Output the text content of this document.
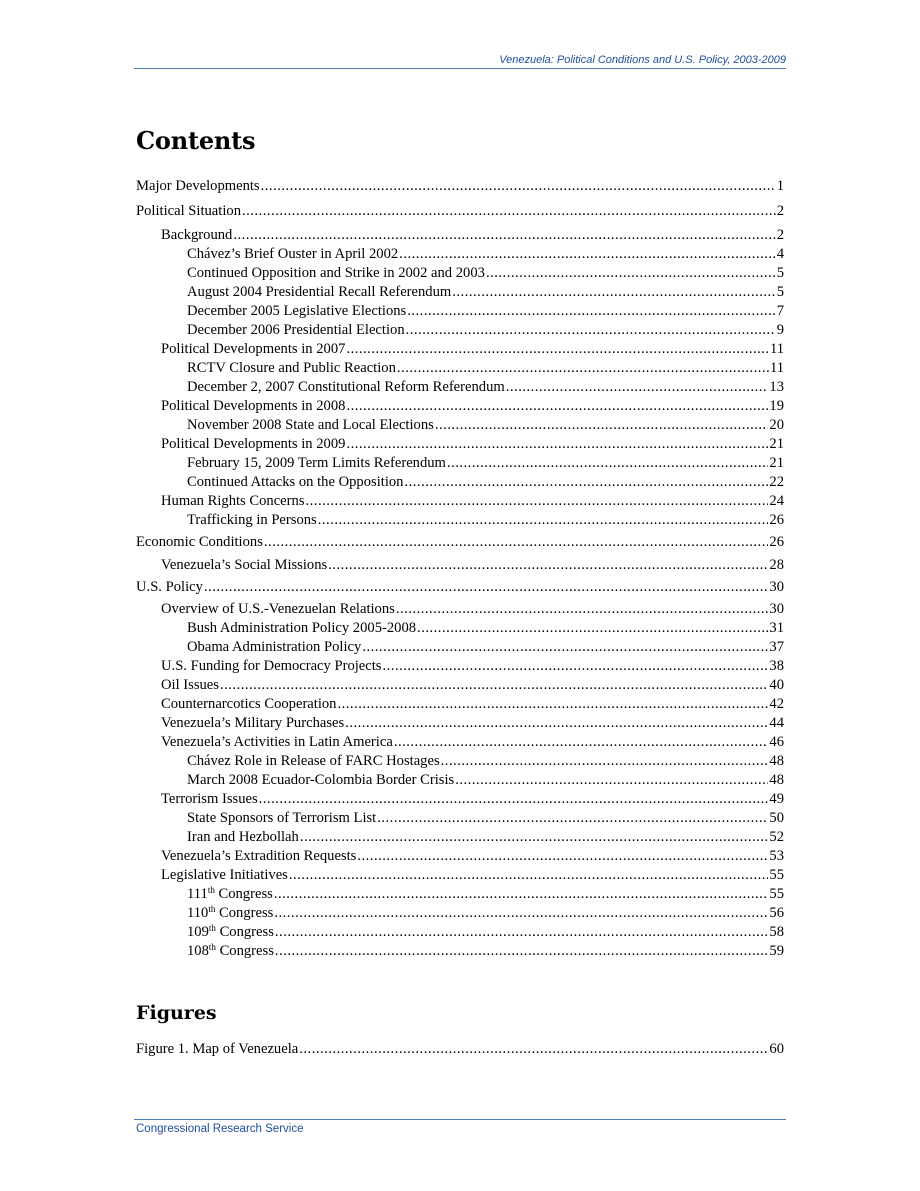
Venezuela: Political Conditions and U.S. Policy, 2003-2009
Contents
Major Developments .....	1
Political Situation .....	2
Background .....	2
Chávez’s Brief Ouster in April 2002 .....	4
Continued Opposition and Strike in 2002 and 2003 .....	5
August 2004 Presidential Recall Referendum .....	5
December 2005 Legislative Elections .....	7
December 2006 Presidential Election .....	9
Political Developments in 2007 .....	11
RCTV Closure and Public Reaction .....	11
December 2, 2007 Constitutional Reform Referendum .....	13
Political Developments in 2008 .....	19
November 2008 State and Local Elections .....	20
Political Developments in 2009 .....	21
February 15, 2009 Term Limits Referendum .....	21
Continued Attacks on the Opposition .....	22
Human Rights Concerns .....	24
Trafficking in Persons .....	26
Economic Conditions .....	26
Venezuela’s Social Missions .....	28
U.S. Policy .....	30
Overview of U.S.-Venezuelan Relations .....	30
Bush Administration Policy 2005-2008 .....	31
Obama Administration Policy .....	37
U.S. Funding for Democracy Projects .....	38
Oil Issues .....	40
Counternarcotics Cooperation .....	42
Venezuela’s Military Purchases .....	44
Venezuela’s Activities in Latin America .....	46
Chávez Role in Release of FARC Hostages .....	48
March 2008 Ecuador-Colombia Border Crisis .....	48
Terrorism Issues .....	49
State Sponsors of Terrorism List .....	50
Iran and Hezbollah .....	52
Venezuela’s Extradition Requests .....	53
Legislative Initiatives .....	55
111th Congress .....	55
110th Congress .....	56
109th Congress .....	58
108th Congress .....	59
Figure 1. Map of Venezuela .....	60
Figures
Congressional Research Service
